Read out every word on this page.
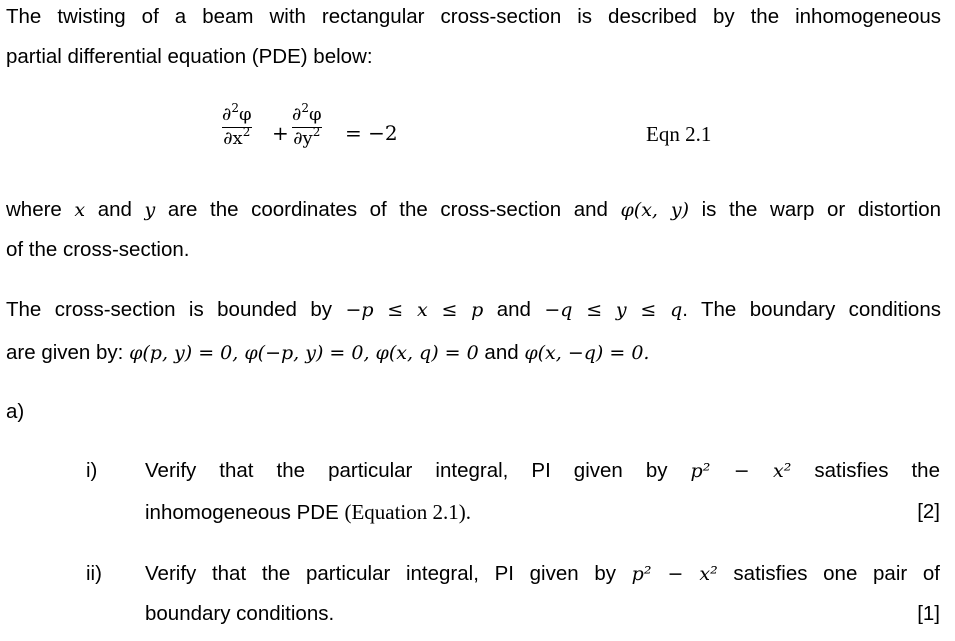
The twisting of a beam with rectangular cross-section is described by the inhomogeneous
partial differential equation (PDE) below:
∂$^2$φ
$\partial x^2$ +
∂$^2$φ
$\partial y^2 = -2$	Eqn 2.1
where x and y are the coordinates of the cross-section and φ(x, y) is the warp or distortion
of the cross-section.
The cross-section is bounded by −p ≤ x ≤ p and −q ≤ y ≤ q. The boundary conditions
are given by: φ(p, y) = 0, φ(−p, y) = 0, φ(x, q) = 0 and φ(x, −q) = 0.
a)
i) Verify that the particular integral, PI given by p² − x² satisfies the
inhomogeneous PDE (Equation 2.1).	[2]
ii) Verify that the particular integral, PI given by p² − x² satisfies one pair of
boundary conditions.	[1]
